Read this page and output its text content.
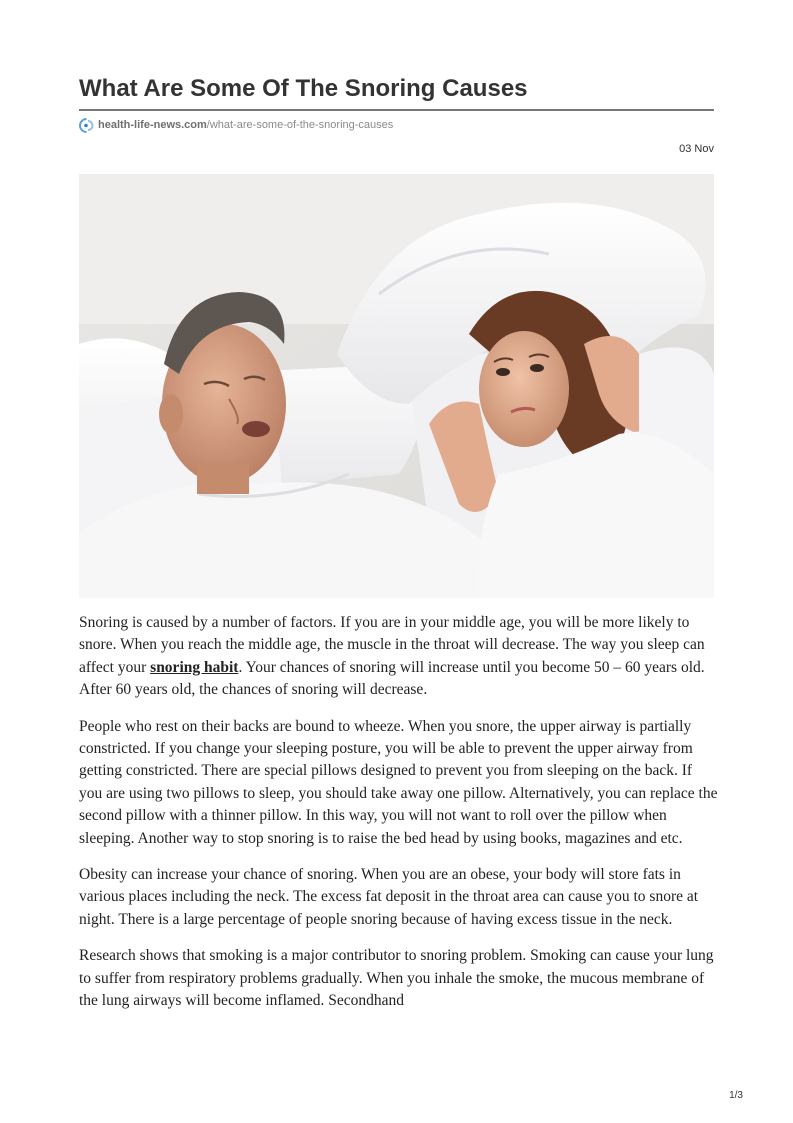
What Are Some Of The Snoring Causes
health-life-news.com /what-are-some-of-the-snoring-causes
03 Nov

Snoring is caused by a number of factors. If you are in your middle age, you will be more likely to snore. When you reach the middle age, the muscle in the throat will decrease. The way you sleep can affect your snoring habit. Your chances of snoring will increase until you become 50 – 60 years old. After 60 years old, the chances of snoring will decrease.

People who rest on their backs are bound to wheeze. When you snore, the upper airway is partially constricted. If you change your sleeping posture, you will be able to prevent the upper airway from getting constricted. There are special pillows designed to prevent you from sleeping on the back. If you are using two pillows to sleep, you should take away one pillow. Alternatively, you can replace the second pillow with a thinner pillow. In this way, you will not want to roll over the pillow when sleeping. Another way to stop snoring is to raise the bed head by using books, magazines and etc.

Obesity can increase your chance of snoring. When you are an obese, your body will store fats in various places including the neck. The excess fat deposit in the throat area can cause you to snore at night. There is a large percentage of people snoring because of having excess tissue in the neck.

Research shows that smoking is a major contributor to snoring problem. Smoking can cause your lung to suffer from respiratory problems gradually. When you inhale the smoke, the mucous membrane of the lung airways will become inflamed. Secondhand

1/3
